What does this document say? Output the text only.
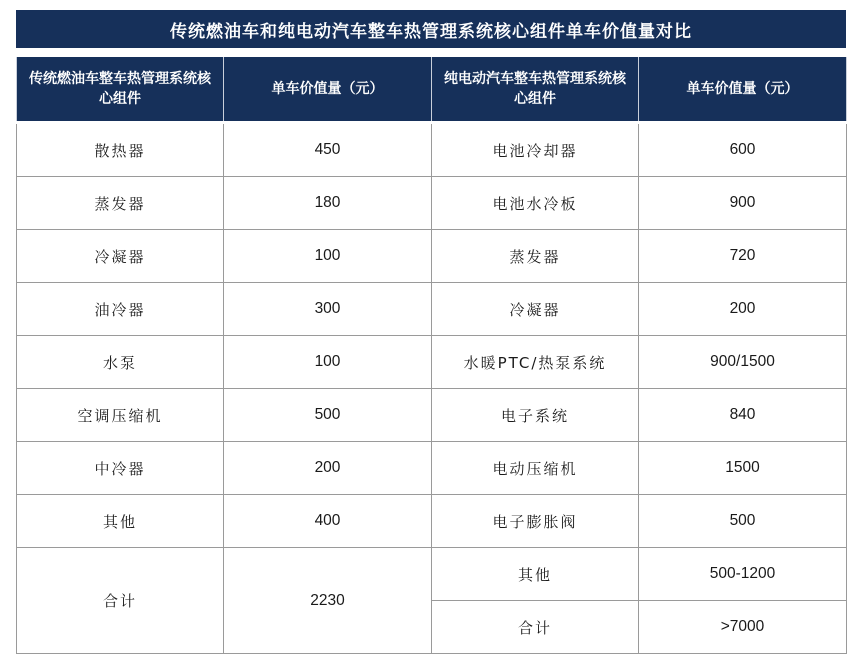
传统燃油车和纯电动汽车整车热管理系统核心组件单车价值量对比
传统燃油车整车热管理系统核心组件	单车价值量（元）	纯电动汽车整车热管理系统核心组件	单车价值量（元）
散热器	450	电池冷却器	600
蒸发器	180	电池水冷板	900
冷凝器	100	蒸发器	720
油冷器	300	冷凝器	200
水泵	100	水暖PTC/热泵系统	900/1500
空调压缩机	500	电子系统	840
中冷器	200	电动压缩机	1500
其他	400	电子膨胀阀	500
合计	2230	其他	500-1200
		合计	>7000
